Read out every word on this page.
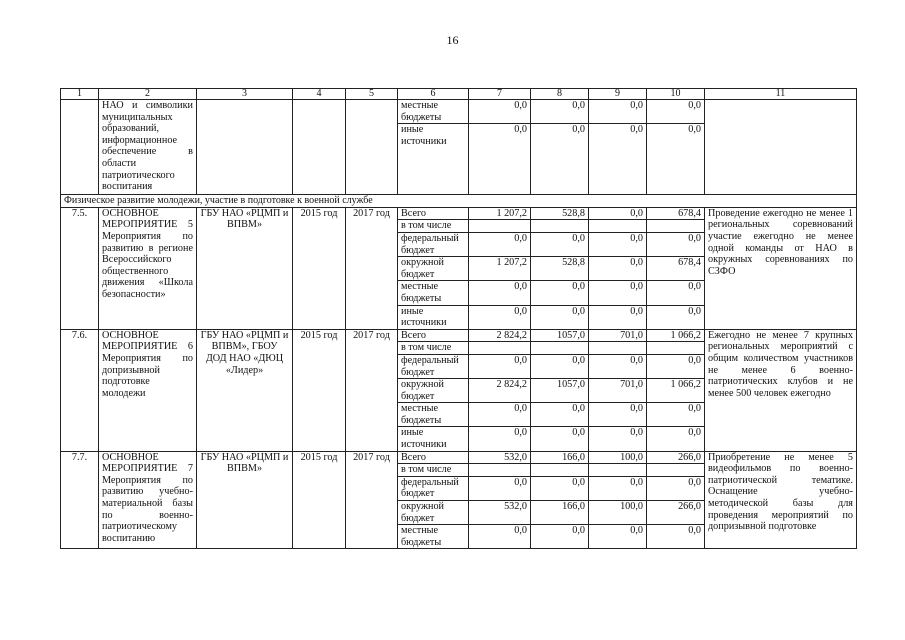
16
1	2	3	4	5	6	7	8	9	10	11
	НАО и символики муниципальных образований, информационное обеспечение в области патриотического воспитания				местные бюджеты	0,0	0,0	0,0	0,0	
					иные источники	0,0	0,0	0,0	0,0	
Физическое развитие молодежи, участие в подготовке к военной службе										
7.5.	ОСНОВНОЕ МЕРОПРИЯТИЕ 5 Мероприятия по развитию в регионе Всероссийского общественного движения «Школа безопасности»	ГБУ НАО «РЦМП и ВПВМ»	2015 год	2017 год	Всего	1 207,2	528,8	0,0	678,4	Проведение ежегодно не менее 1 региональных соревнований участие ежегодно не менее одной команды от НАО в окружных соревнованиях по СЗФО
					в том числе					
					федеральный бюджет	0,0	0,0	0,0	0,0	
					окружной бюджет	1 207,2	528,8	0,0	678,4	
					местные бюджеты	0,0	0,0	0,0	0,0	
					иные источники	0,0	0,0	0,0	0,0	
7.6.	ОСНОВНОЕ МЕРОПРИЯТИЕ 6 Мероприятия по допризывной подготовке молодежи	ГБУ НАО «РЦМП и ВПВМ», ГБОУ ДОД НАО «ДЮЦ «Лидер»	2015 год	2017 год	Всего	2 824,2	1057,0	701,0	1 066,2	Ежегодно не менее 7 крупных региональных мероприятий с общим количеством участников не менее 6 военно-патриотических клубов и не менее 500 человек ежегодно
					в том числе					
					федеральный бюджет	0,0	0,0	0,0	0,0	
					окружной бюджет	2 824,2	1057,0	701,0	1 066,2	
					местные бюджеты	0,0	0,0	0,0	0,0	
					иные источники	0,0	0,0	0,0	0,0	
7.7.	ОСНОВНОЕ МЕРОПРИЯТИЕ 7 Мероприятия по развитию учебно-материальной базы по военно-патриотическому воспитанию	ГБУ НАО «РЦМП и ВПВМ»	2015 год	2017 год	Всего	532,0	166,0	100,0	266,0	Приобретение не менее 5 видеофильмов по военно-патриотической тематике. Оснащение учебно-методической базы для проведения мероприятий по допризывной подготовке
					в том числе					
					федеральный бюджет	0,0	0,0	0,0	0,0	
					окружной бюджет	532,0	166,0	100,0	266,0	
					местные бюджеты	0,0	0,0	0,0	0,0	
